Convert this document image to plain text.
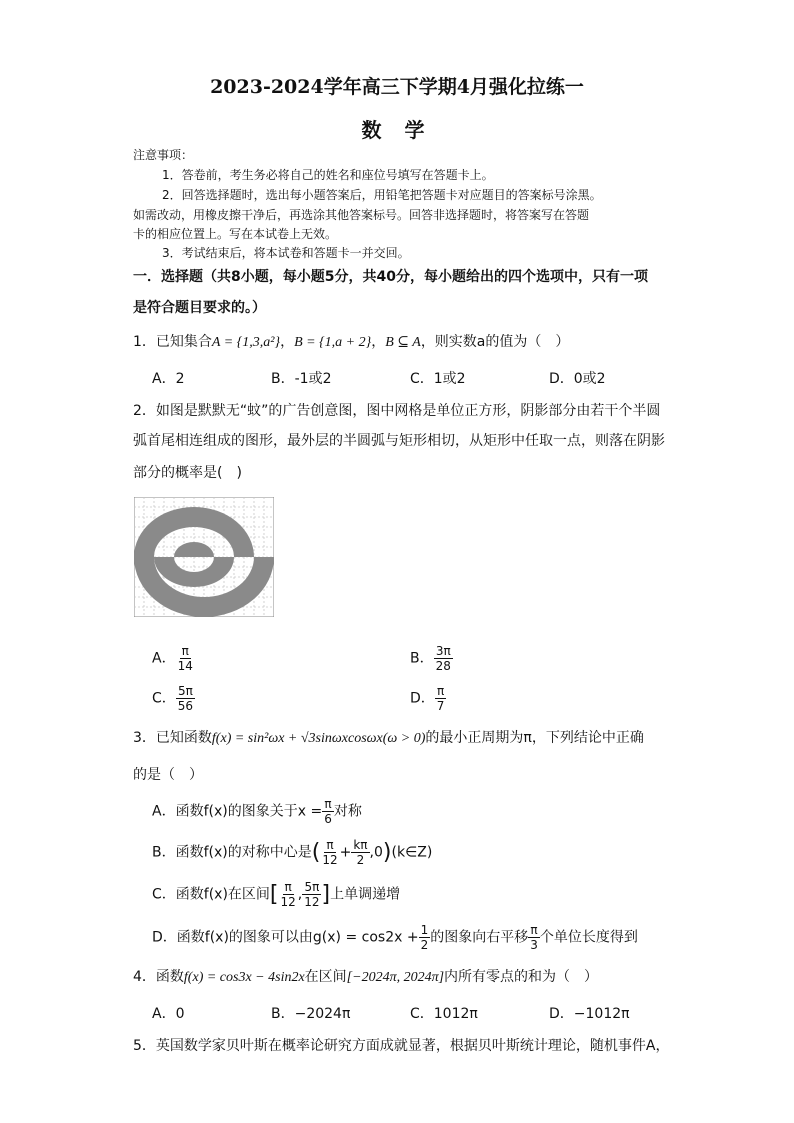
2023-2024学年高三下学期4月强化拉练一
数 学
注意事项：
1．答卷前，考生务必将自己的姓名和座位号填写在答题卡上。
2．回答选择题时，选出每小题答案后，用铅笔把答题卡对应题目的答案标号涂黑。
如需改动，用橡皮擦干净后，再选涂其他答案标号。回答非选择题时，将答案写在答题
卡的相应位置上。写在本试卷上无效。
3．考试结束后，将本试卷和答题卡一并交回。
一．选择题（共8小题，每小题5分，共40分，每小题给出的四个选项中，只有一项
是符合题目要求的。）
1．已知集合A = {1,3,a²}，B = {1,a + 2}，B ⊆ A，则实数a的值为（　）
A．2	B．-1或2	C．1或2	D．0或2
2．如图是默默无“蚊”的广告创意图，图中网格是单位正方形，阴影部分由若干个半圆
弧首尾相连组成的图形，最外层的半圆弧与矩形相切，从矩形中任取一点，则落在阴影
部分的概率是(　)
A． $\frac{\pi}{14}$	B． $\frac{3\pi}{28}$
C． $\frac{5\pi}{56}$	D． $\frac{\pi}{7}$
3．已知函数f(x) = sin²ωx + √3sinωxcosωx(ω > 0)的最小正周期为π，下列结论中正确
的是（　）
A．函数f(x)的图象关于$x = \frac{\pi}{6}$ 对称
B．函数f(x)的对称中心是( $\frac{\pi}{12} + \frac{k\pi}{2}$ ,0)(k∈Z)
C．函数f(x)在区间[ $\frac{\pi}{12}$ , $\frac{5\pi}{12}$ ]上单调递增
D．函数f(x)的图象可以由$g(x) = \cos 2x + \frac{1}{2}$ 的图象向右平移 $\frac{\pi}{3}$ 个单位长度得到
4．函数f(x) = cos3x − 4sin2x在区间[−2024π, 2024π]内所有零点的和为（　）
A．0	B．−2024π	C．1012π	D．−1012π
5．英国数学家贝叶斯在概率论研究方面成就显著，根据贝叶斯统计理论，随机事件A，
